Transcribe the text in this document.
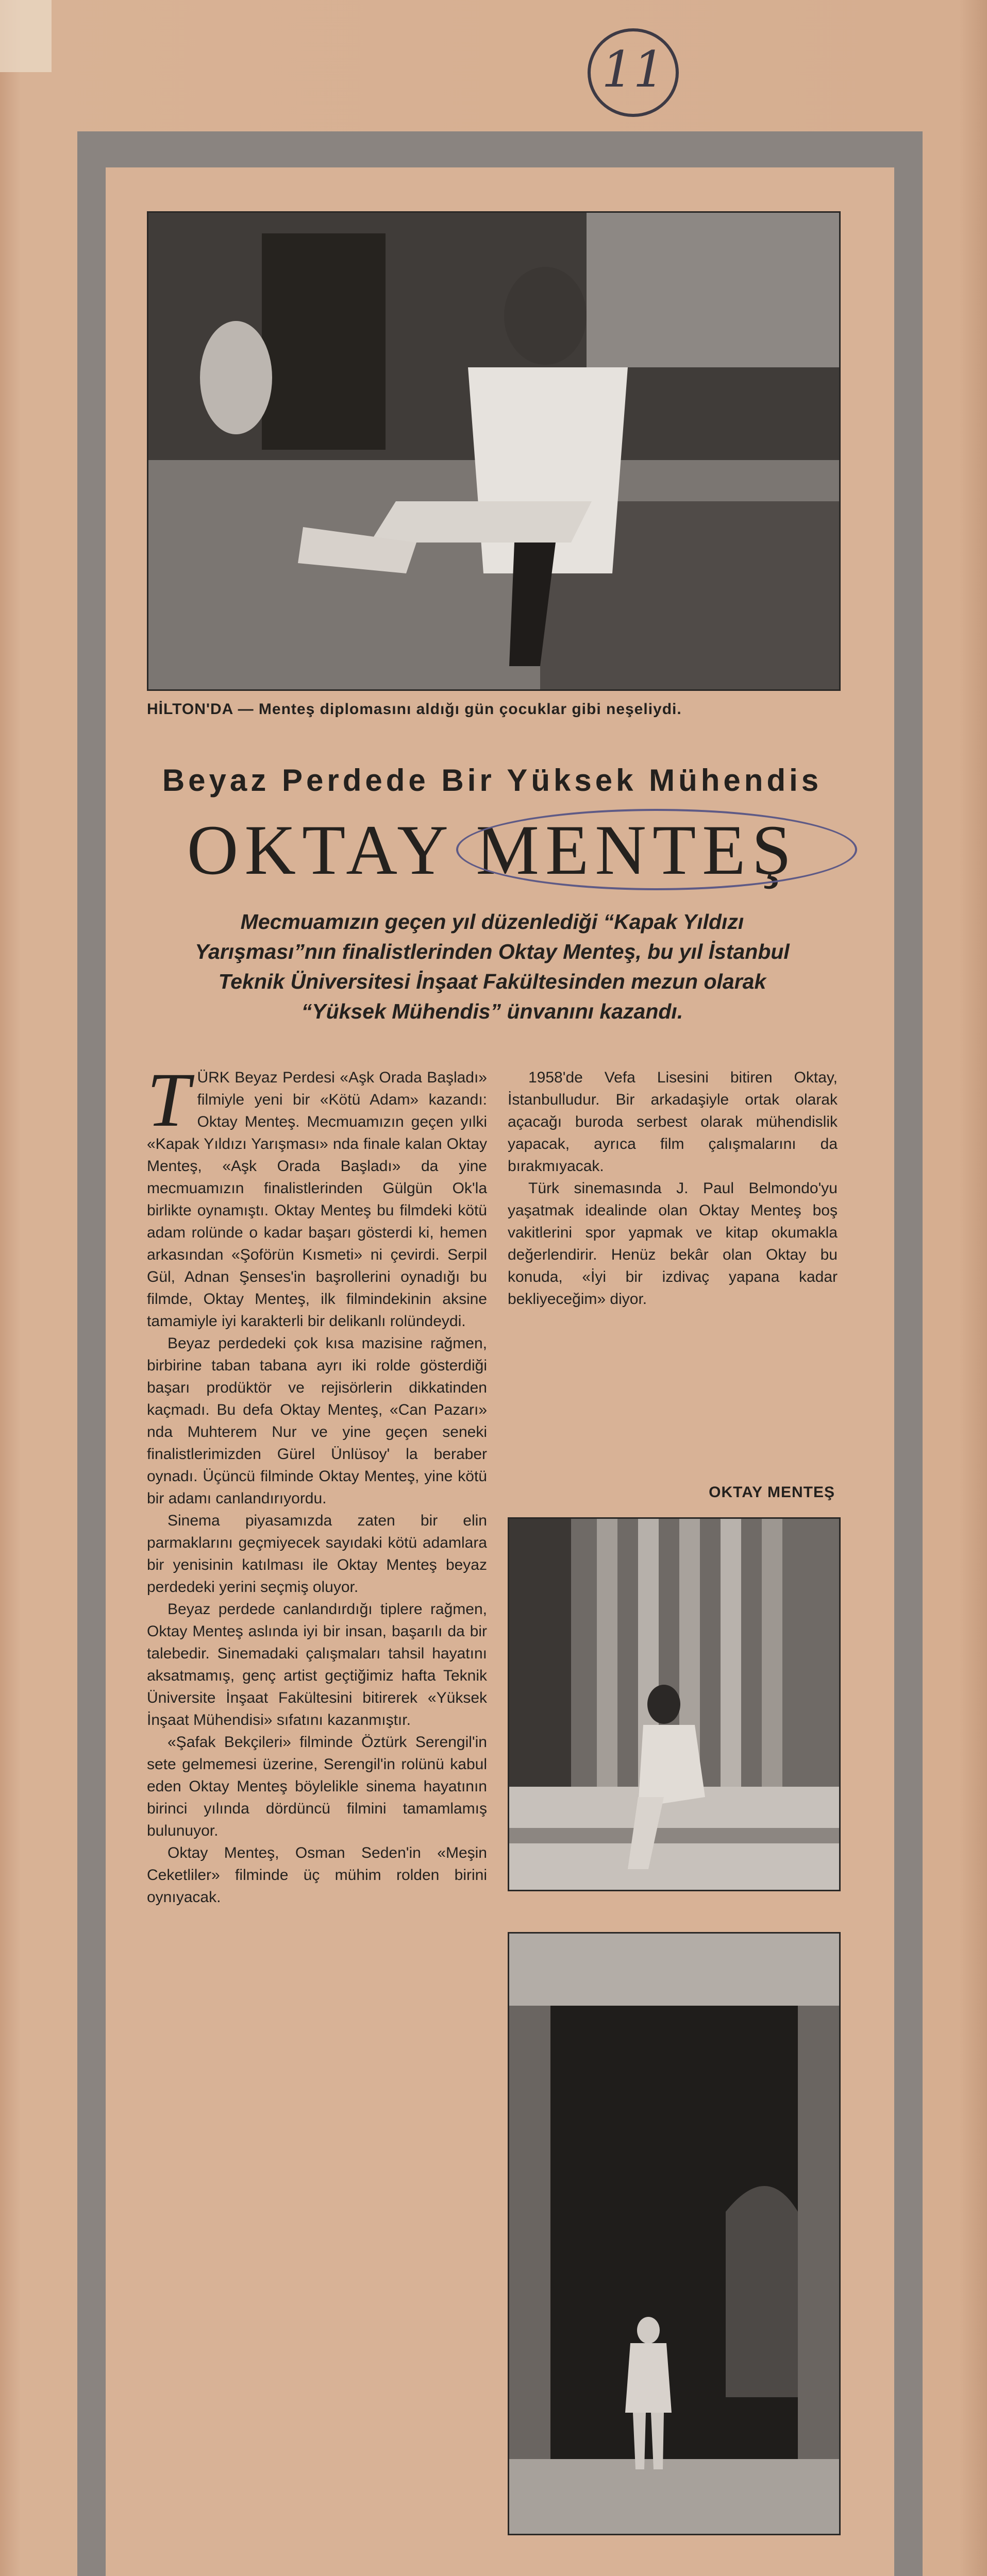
11
HİLTON'DA — Menteş diplomasını aldığı gün çocuklar gibi neşeliydi.
Beyaz Perdede Bir Yüksek Mühendis
OKTAY MENTEŞ
Mecmuamızın geçen yıl düzenlediği “Kapak Yıldızı Yarışması”nın finalistlerinden Oktay Menteş, bu yıl İstanbul Teknik Üniversitesi İnşaat Fakültesinden mezun olarak “Yüksek Mühendis” ünvanını kazandı.
T ÜRK Beyaz Perdesi «Aşk Orada Başladı» filmiyle yeni bir «Kötü Adam» kazandı: Oktay Menteş. Mecmuamızın geçen yılki «Kapak Yıldızı Yarışması» nda finale kalan Oktay Menteş, «Aşk Orada Başladı» da yine mecmuamızın finalistlerinden Gülgün Ok'la birlikte oynamıştı. Oktay Menteş bu filmdeki kötü adam rolünde o kadar başarı gösterdi ki, hemen arkasından «Şoförün Kısmeti» ni çevirdi. Serpil Gül, Adnan Şenses'in başrollerini oynadığı bu filmde, Oktay Menteş, ilk filmindekinin aksine tamamiyle iyi karakterli bir delikanlı rolündeydi.

Beyaz perdedeki çok kısa mazisine rağmen, birbirine taban tabana ayrı iki rolde gösterdiği başarı prodüktör ve rejisörlerin dikkatinden kaçmadı. Bu defa Oktay Menteş, «Can Pazarı» nda Muhterem Nur ve yine geçen seneki finalistlerimizden Gürel Ünlüsoy' la beraber oynadı. Üçüncü filminde Oktay Menteş, yine kötü bir adamı canlandırıyordu.

Sinema piyasamızda zaten bir elin parmaklarını geçmiyecek sayıdaki kötü adamlara bir yenisinin katılması ile Oktay Menteş beyaz perdedeki yerini seçmiş oluyor.

Beyaz perdede canlandırdığı tiplere rağmen, Oktay Menteş aslında iyi bir insan, başarılı da bir talebedir. Sinemadaki çalışmaları tahsil hayatını aksatmamış, genç artist geçtiğimiz hafta Teknik Üniversite İnşaat Fakültesini bitirerek «Yüksek İnşaat Mühendisi» sıfatını kazanmıştır.

«Şafak Bekçileri» filminde Öztürk Serengil'in sete gelmemesi üzerine, Serengil'in rolünü kabul eden Oktay Menteş böylelikle sinema hayatının birinci yılında dördüncü filmini tamamlamış bulunuyor.

Oktay Menteş, Osman Seden'in «Meşin Ceketliler» filminde üç mühim rolden birini oynıyacak.

1958'de Vefa Lisesini bitiren Oktay, İstanbulludur. Bir arkadaşiyle ortak olarak açacağı buroda serbest olarak mühendislik yapacak, ayrıca film çalışmalarını da bırakmıyacak.

Türk sinemasında J. Paul Belmondo'yu yaşatmak idealinde olan Oktay Menteş boş vakitlerini spor yapmak ve kitap okumakla değerlendirir. Henüz bekâr olan Oktay bu konuda, «İyi bir izdivaç yapana kadar bekliyeceğim» diyor.

OKTAY MENTEŞ
